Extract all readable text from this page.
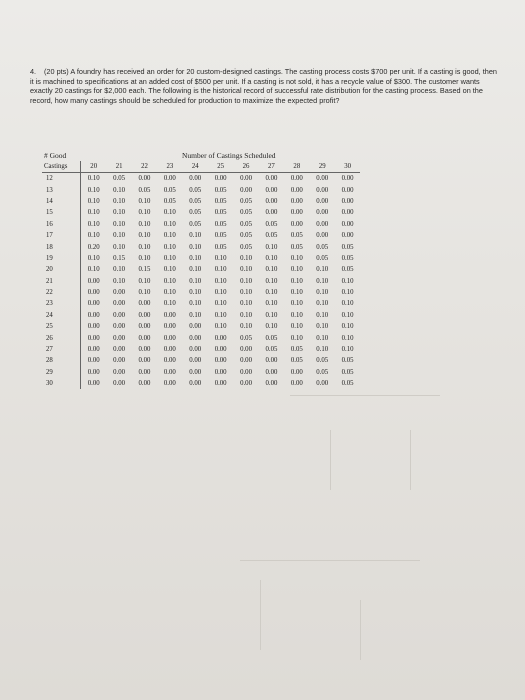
4. (20 pts) A foundry has received an order for 20 custom-designed castings. The casting process costs $700 per unit. If a casting is good, then it is machined to specifications at an added cost of $500 per unit. If a casting is not sold, it has a recycle value of $300. The customer wants exactly 20 castings for $2,000 each. The following is the historical record of successful rate distribution for the casting process. Based on the record, how many castings should be scheduled for production to maximize the expected profit?
# Good	Number of Castings Scheduled
Castings	20	21	22	23	24	25	26	27	28	29	30
12	0.10	0.05	0.00	0.00	0.00	0.00	0.00	0.00	0.00	0.00	0.00
13	0.10	0.10	0.05	0.05	0.05	0.05	0.00	0.00	0.00	0.00	0.00
14	0.10	0.10	0.10	0.05	0.05	0.05	0.05	0.00	0.00	0.00	0.00
15	0.10	0.10	0.10	0.10	0.05	0.05	0.05	0.00	0.00	0.00	0.00
16	0.10	0.10	0.10	0.10	0.05	0.05	0.05	0.05	0.00	0.00	0.00
17	0.10	0.10	0.10	0.10	0.10	0.05	0.05	0.05	0.05	0.00	0.00
18	0.20	0.10	0.10	0.10	0.10	0.05	0.05	0.10	0.05	0.05	0.05
19	0.10	0.15	0.10	0.10	0.10	0.10	0.10	0.10	0.10	0.05	0.05
20	0.10	0.10	0.15	0.10	0.10	0.10	0.10	0.10	0.10	0.10	0.05
21	0.00	0.10	0.10	0.10	0.10	0.10	0.10	0.10	0.10	0.10	0.10
22	0.00	0.00	0.10	0.10	0.10	0.10	0.10	0.10	0.10	0.10	0.10
23	0.00	0.00	0.00	0.10	0.10	0.10	0.10	0.10	0.10	0.10	0.10
24	0.00	0.00	0.00	0.00	0.10	0.10	0.10	0.10	0.10	0.10	0.10
25	0.00	0.00	0.00	0.00	0.00	0.10	0.10	0.10	0.10	0.10	0.10
26	0.00	0.00	0.00	0.00	0.00	0.00	0.05	0.05	0.10	0.10	0.10
27	0.00	0.00	0.00	0.00	0.00	0.00	0.00	0.05	0.05	0.10	0.10
28	0.00	0.00	0.00	0.00	0.00	0.00	0.00	0.00	0.05	0.05	0.05
29	0.00	0.00	0.00	0.00	0.00	0.00	0.00	0.00	0.00	0.05	0.05
30	0.00	0.00	0.00	0.00	0.00	0.00	0.00	0.00	0.00	0.00	0.05
